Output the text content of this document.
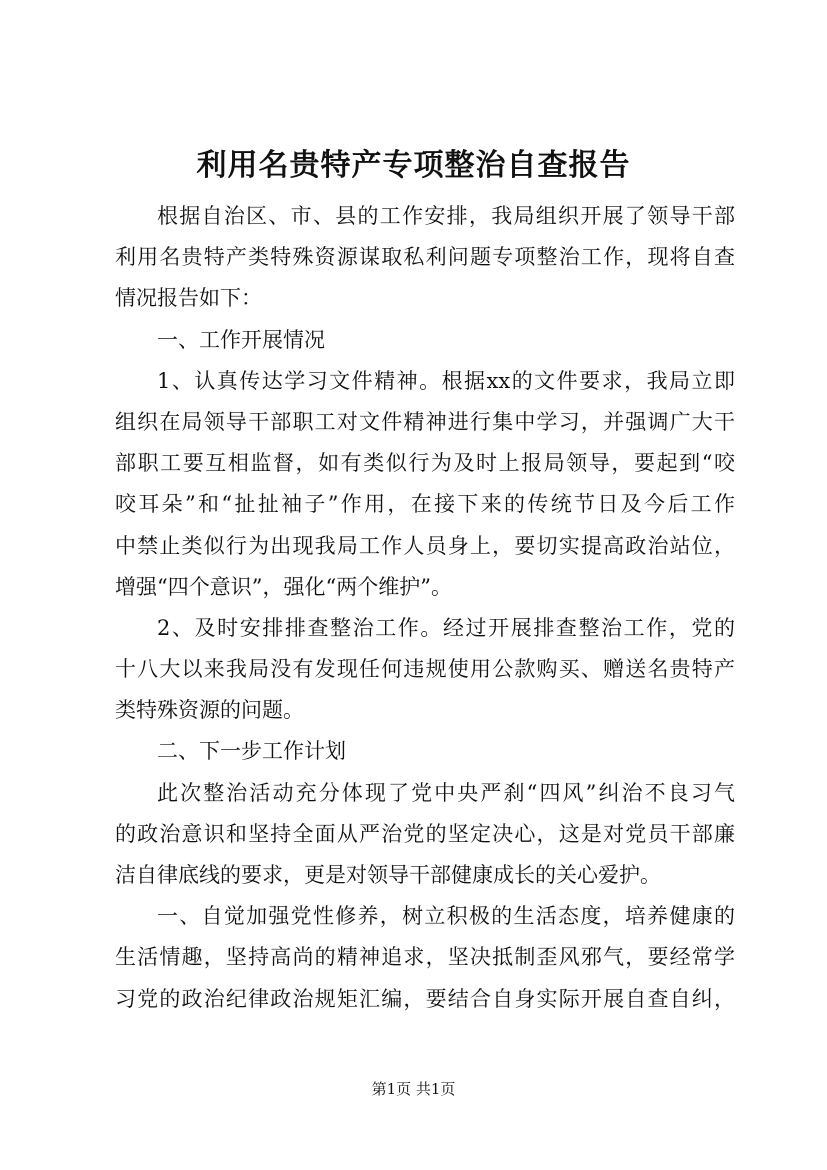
利用名贵特产专项整治自查报告
根据自治区、市、县的工作安排，我局组织开展了领导干部
利用名贵特产类特殊资源谋取私利问题专项整治工作，现将自查
情况报告如下：
一、工作开展情况
1、认真传达学习文件精神。根据xx的文件要求，我局立即
组织在局领导干部职工对文件精神进行集中学习，并强调广大干
部职工要互相监督，如有类似行为及时上报局领导，要起到“咬
咬耳朵”和“扯扯袖子”作用，在接下来的传统节日及今后工作
中禁止类似行为出现我局工作人员身上，要切实提高政治站位，
增强“四个意识”，强化“两个维护”。
2、及时安排排查整治工作。经过开展排查整治工作，党的
十八大以来我局没有发现任何违规使用公款购买、赠送名贵特产
类特殊资源的问题。
二、下一步工作计划
此次整治活动充分体现了党中央严刹“四风”纠治不良习气
的政治意识和坚持全面从严治党的坚定决心，这是对党员干部廉
洁自律底线的要求，更是对领导干部健康成长的关心爱护。
一、自觉加强党性修养，树立积极的生活态度，培养健康的
生活情趣，坚持高尚的精神追求，坚决抵制歪风邪气，要经常学
习党的政治纪律政治规矩汇编，要结合自身实际开展自查自纠，
第1页 共1页
